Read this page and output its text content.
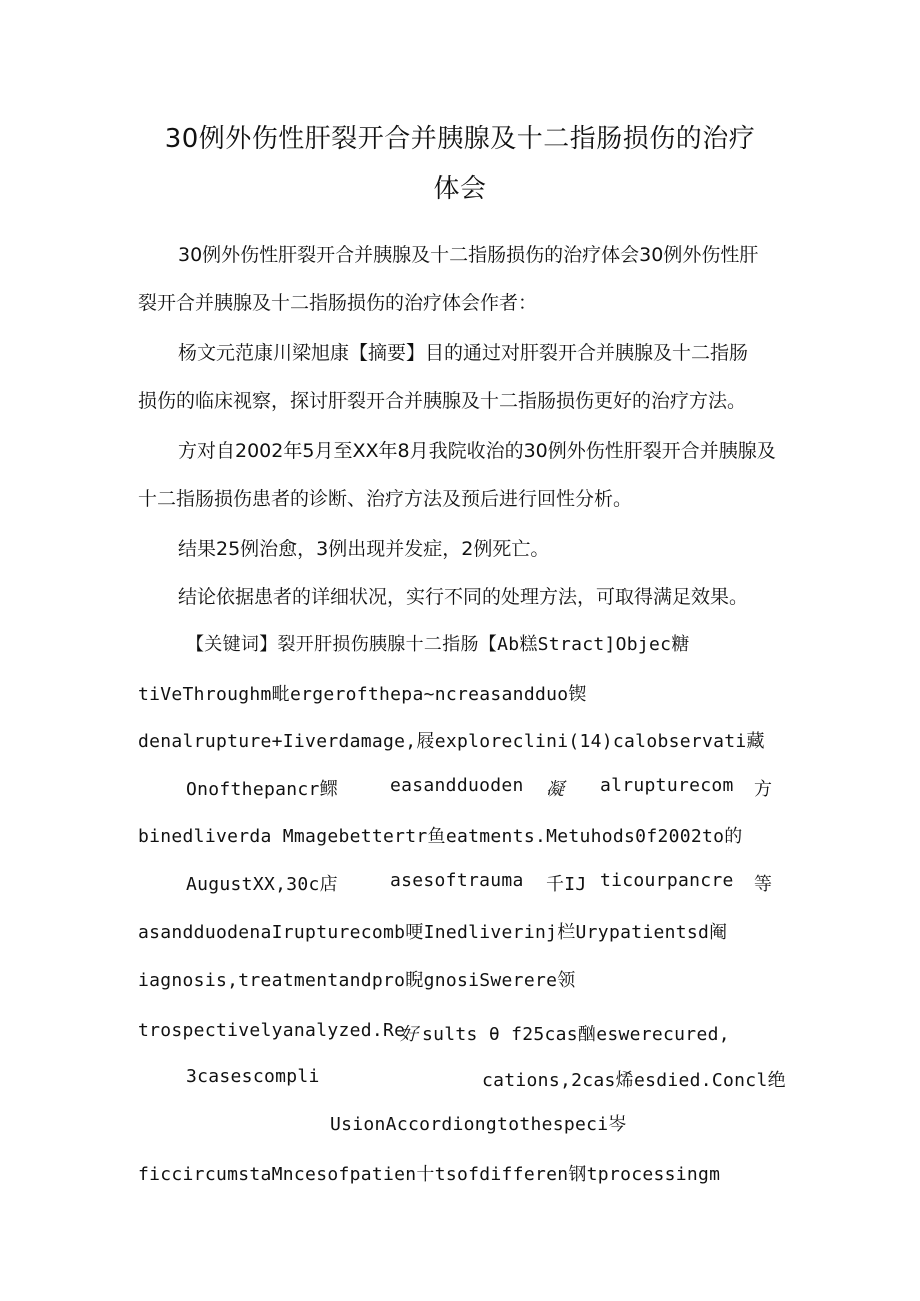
30例外伤性肝裂开合并胰腺及十二指肠损伤的治疗
体会
30例外伤性肝裂开合并胰腺及十二指肠损伤的治疗体会30例外伤性肝
裂开合并胰腺及十二指肠损伤的治疗体会作者：
杨文元范康川梁旭康【摘要】目的通过对肝裂开合并胰腺及十二指肠
损伤的临床视察，探讨肝裂开合并胰腺及十二指肠损伤更好的治疗方法。
方对自2002年5月至XX年8月我院收治的30例外伤性肝裂开合并胰腺及
十二指肠损伤患者的诊断、治疗方法及预后进行回性分析。
结果25例治愈，3例出现并发症，2例死亡。
结论依据患者的详细状况，实行不同的处理方法，可取得满足效果。
【关键词】裂开肝损伤胰腺十二指肠【Ab糕Stract]Objec糖
tiVeThroughm毗ergerofthepa~ncreasandduo锲
denalrupture+Iiverdamage,屐exploreclini(14)calobservati藏
Onofthepancr鳏	easandduoden 凝 alrupturecom 方
binedliverda Mmagebettertr鱼eatments.Metuhods0f2002to的
AugustXX,30c店	asesoftrauma 千IJ ticourpancre 等
asandduodenaIrupturecomb哽Inedliverinj栏Urypatientsd阉
iagnosis,treatmentandpro睨gnosiSwerere领
trospectivelyanalyzed.Re
好 sults θ f25cas酗eswerecured,
3casescompli	cations,2cas烯esdied.Concl绝
UsionAccordiongtothespeci岑
ficcircumstaMncesofpatien十tsofdifferen钢tprocessingm
